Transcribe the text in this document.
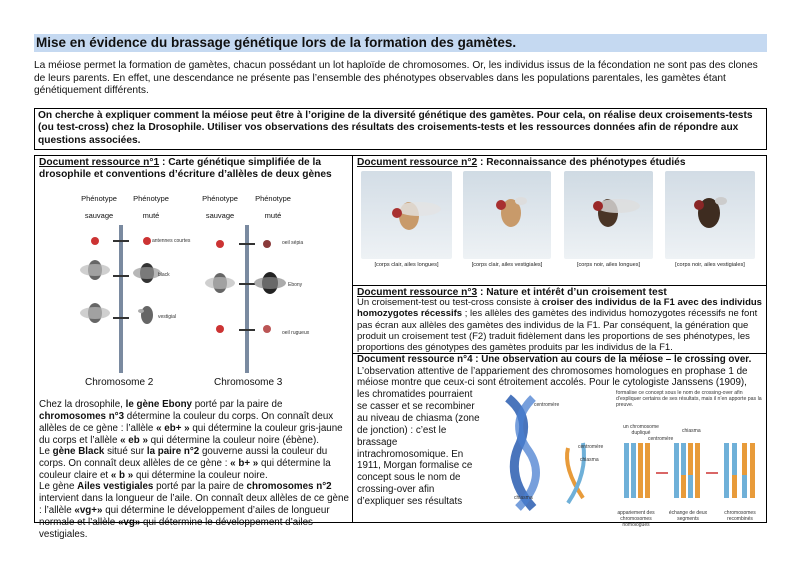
Mise en évidence du brassage génétique lors de la formation des gamètes.
La méiose permet la formation de gamètes, chacun possédant un lot haploïde de chromosomes. Or, les individus issus de la fécondation ne sont pas des clones de leurs parents. En effet, une descendance ne présente pas l’ensemble des phénotypes observables dans les populations parentales, les gamètes étant génétiquement différents.
On cherche à expliquer comment la méiose peut être à l’origine de la diversité génétique des gamètes. Pour cela, on réalise deux croisements-tests (ou test-cross) chez la Drosophile. Utiliser vos observations des résultats des croisements-tests et les ressources données afin de répondre aux questions associées.
Document ressource n°1 : Carte génétique simplifiée de la drosophile et conventions d’écriture d’allèles de deux gènes
Phénotype	Phénotype	Phénotype	Phénotype
sauvage	muté	sauvage	muté
antennes courtes
black
vestigial
oeil sépia
Ebony
oeil rugueux
Chromosome 2	Chromosome 3
Chez la drosophile, le gène Ebony porté par la paire de chromosomes n°3 détermine la couleur du corps. On connaît deux allèles de ce gène : l’allèle « eb+ » qui détermine la couleur gris-jaune du corps et l’allèle « eb » qui détermine la couleur noire (ébène).
Le gène Black situé sur la paire n°2 gouverne aussi la couleur du corps. On connaît deux allèles de ce gène : « b+ » qui détermine la couleur claire et « b » qui détermine la couleur noire.
Le gène Ailes vestigiales porté par la paire de chromosomes n°2 intervient dans la longueur de l’aile. On connaît deux allèles de ce gène : l’allèle «vg+» qui détermine le développement d’ailes de longueur normale et l’allèle «vg» qui détermine le développement d’ailes vestigiales.
Document ressource n°2 : Reconnaissance des phénotypes étudiés
[corps clair, ailes longues]	[corps clair, ailes vestigiales]	[corps noir, ailes longues]	[corps noir, ailes vestigiales]
Document ressource n°3 : Nature et intérêt d’un croisement test
Un croisement-test ou test-cross consiste à croiser des individus de la F1 avec des individus homozygotes récessifs ; les allèles des gamètes des individus homozygotes récessifs ne font pas écran aux allèles des gamètes des individus de la F1. Par conséquent, la génération que produit un croisement test (F2) traduit fidèlement dans les proportions de ses phénotypes, les proportions des génotypes des gamètes produits par les individus de la F1.
Document ressource n°4 : Une observation au cours de la méiose – le crossing over. L’observation attentive de l’appariement des chromosomes homologues en prophase 1 de méiose montre que ceux-ci sont étroitement accolés. Pour le cytologiste Janssens (1909),
les chromatides pourraient se casser et se recombiner au niveau de chiasma (zone de jonction) : c’est le brassage intrachromosomique. En 1911, Morgan formalise ce concept sous le nom de crossing-over afin d’expliquer ses résultats
centromère
centromère
chiasma
chiasma
formalise ce concept sous le nom de crossing-over afin d’expliquer certains de ses résultats, mais il n’en apporte pas la preuve.
un chromosome dupliqué
centromère
chiasma
appariement des chromosomes homologues
échange de deux segments
chromosomes recombinés
